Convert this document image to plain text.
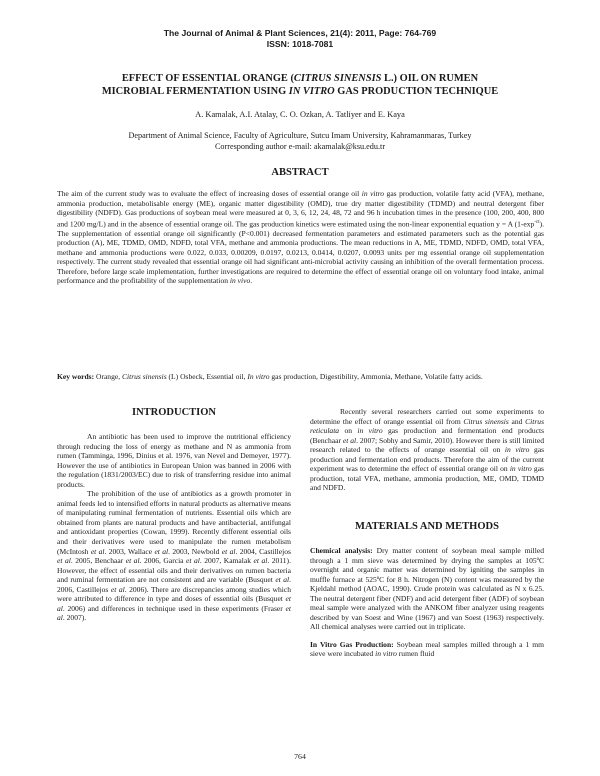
The Journal of Animal & Plant Sciences, 21(4): 2011, Page: 764-769
ISSN: 1018-7081
EFFECT OF ESSENTIAL ORANGE (CITRUS SINENSIS L.) OIL ON RUMEN
MICROBIAL FERMENTATION USING IN VITRO GAS PRODUCTION TECHNIQUE
A. Kamalak, A.I. Atalay, C. O. Ozkan, A. Tatliyer and E. Kaya
Department of Animal Science, Faculty of Agriculture, Sutcu Imam University, Kahramanmaras, Turkey
Corresponding author e-mail: akamalak@ksu.edu.tr
ABSTRACT

The aim of the current study was to evaluate the effect of increasing doses of essential orange oil in vitro gas production, volatile fatty acid (VFA), methane, ammonia production, metabolisable energy (ME), organic matter digestibility (OMD), true dry matter digestibility (TDMD) and neutral detergent fiber digestibility (NDFD). Gas productions of soybean meal were measured at 0, 3, 6, 12, 24, 48, 72 and 96 h incubation times in the presence (100, 200, 400, 800 and 1200 mg/L) and in the absence of essential orange oil. The gas production kinetics were estimated using the non-linear exponential equation y = A $(1-\exp^{-ct})$. The supplementation of essential orange oil significantly (P<0.001) decreased fermentation parameters and estimated parameters such as the potential gas production (A), ME, TDMD, OMD, NDFD, total VFA, methane and ammonia productions. The mean reductions in A, ME, TDMD, NDFD, OMD, total VFA, methane and ammonia productions were 0.022, 0.033, 0.00209, 0.0197, 0.0213, 0.0414, 0.0207, 0.0093 units per mg essential orange oil supplementation respectively. The current study revealed that essential orange oil had significant anti-microbial activity causing an inhibition of the overall fermentation process. Therefore, before large scale implementation, further investigations are required to determine the effect of essential orange oil on voluntary food intake, animal performance and the profitability of the supplementation in vivo.

Key words: Orange, Citrus sinensis (L) Osbeck, Essential oil, In vitro gas production, Digestibility, Ammonia, Methane, Volatile fatty acids.

INTRODUCTION

An antibiotic has been used to improve the nutritional efficiency through reducing the loss of energy as methane and N as ammonia from rumen (Tamminga, 1996, Dinius et al. 1976, van Nevel and Demeyer, 1977). However the use of antibiotics in European Union was banned in 2006 with the regulation (1831/2003/EC) due to risk of transferring residue into animal products.

The prohibition of the use of antibiotics as a growth promoter in animal feeds led to intensified efforts in natural products as alternative means of manipulating ruminal fermentation of nutrients. Essential oils which are obtained from plants are natural products and have antibacterial, antifungal and antioxidant properties (Cowan, 1999). Recently different essential oils and their derivatives were used to manipulate the rumen metabolism (McIntosh et al. 2003, Wallace et al. 2003, Newbold et al. 2004, Castillejos et al. 2005, Benchaar et al. 2006, Garcia et al. 2007, Kamalak et al. 2011). However, the effect of essential oils and their derivatives on rumen bacteria and ruminal fermentation are not consistent and are variable (Busquet et al. 2006, Castillejos et al. 2006). There are discrepancies among studies which were attributed to difference in type and doses of essential oils (Busquet et al. 2006) and differences in technique used in these experiments (Fraser et al. 2007).

Recently several researchers carried out some experiments to determine the effect of orange essential oil from Citrus sinensis and Citrus reticulata on in vitro gas production and fermentation end products (Benchaar et al. 2007; Sobhy and Samir, 2010). However there is still limited research related to the effects of orange essential oil on in vitro gas production and fermentation end products. Therefore the aim of the current experiment was to determine the effect of essential orange oil on in vitro gas production, total VFA, methane, ammonia production, ME, OMD, TDMD and NDFD.

MATERIALS AND METHODS

Chemical analysis: Dry matter content of soybean meal sample milled through a 1 mm sieve was determined by drying the samples at 105ºC overnight and organic matter was determined by igniting the samples in muffle furnace at 525ºC for 8 h. Nitrogen (N) content was measured by the Kjeldahl method (AOAC, 1990). Crude protein was calculated as N x 6.25. The neutral detergent fiber (NDF) and acid detergent fiber (ADF) of soybean meal sample were analyzed with the ANKOM fiber analyzer using reagents described by van Soest and Wine (1967) and van Soest (1963) respectively. All chemical analyses were carried out in triplicate.

In Vitro Gas Production: Soybean meal samples milled through a 1 mm sieve were incubated in vitro rumen fluid

764
